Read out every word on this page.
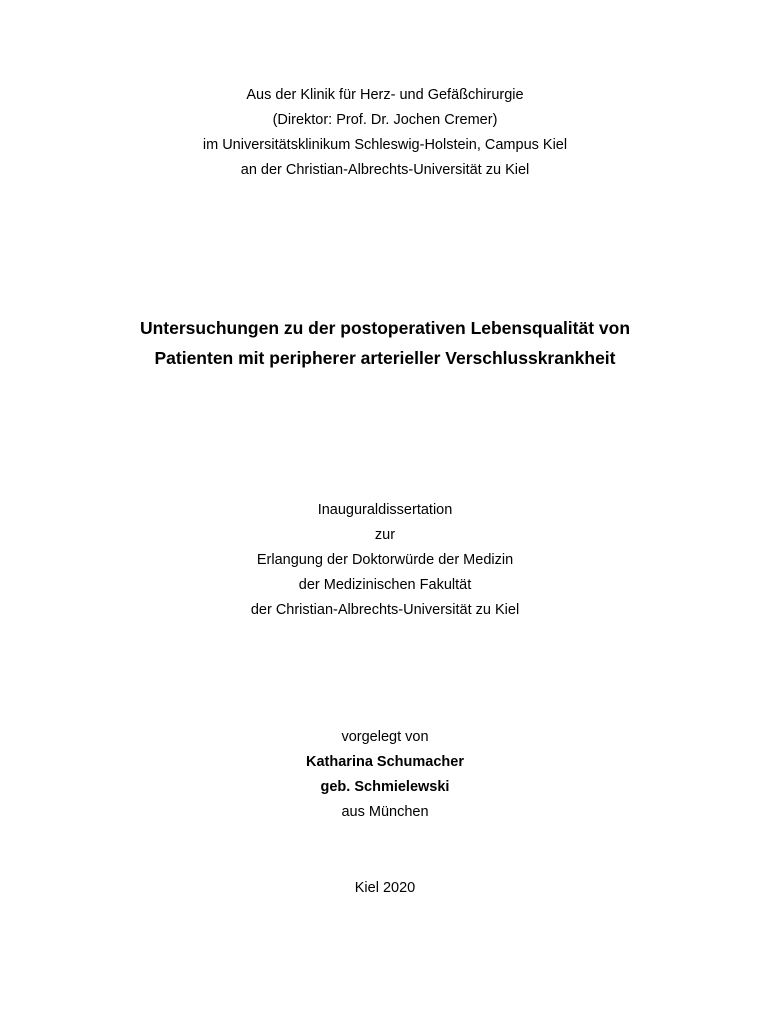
Aus der Klinik für Herz- und Gefäßchirurgie
(Direktor: Prof. Dr. Jochen Cremer)
im Universitätsklinikum Schleswig-Holstein, Campus Kiel
an der Christian-Albrechts-Universität zu Kiel
Untersuchungen zu der postoperativen Lebensqualität von
Patienten mit peripherer arterieller Verschlusskrankheit
Inauguraldissertation
zur
Erlangung der Doktorwürde der Medizin
der Medizinischen Fakultät
der Christian-Albrechts-Universität zu Kiel
vorgelegt von
Katharina Schumacher
geb. Schmielewski
aus München
Kiel 2020
